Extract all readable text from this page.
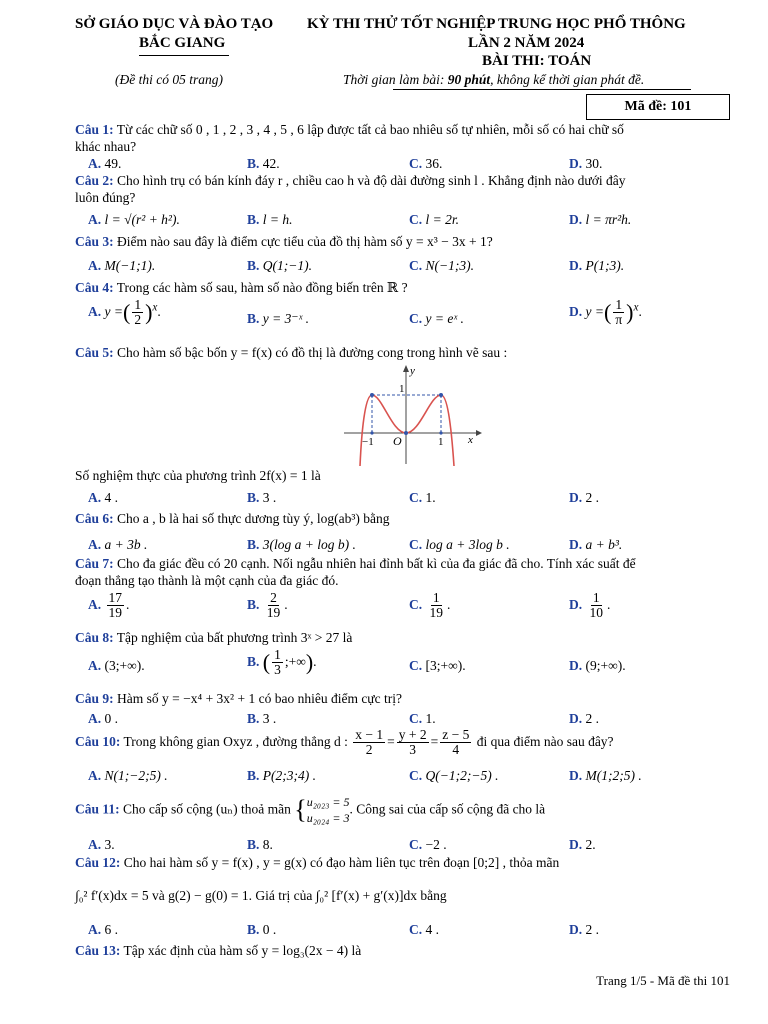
SỞ GIÁO DỤC VÀ ĐÀO TẠO
BẮC GIANG
KỲ THI THỬ TỐT NGHIỆP TRUNG HỌC PHỔ THÔNG
LẦN 2 NĂM 2024
BÀI THI: TOÁN
(Đề thi có 05 trang)	Thời gian làm bài: 90 phút, không kể thời gian phát đề.
Mã đề: 101
Câu 1: Từ các chữ số 0 , 1 , 2 , 3 , 4 , 5 , 6 lập được tất cả bao nhiêu số tự nhiên, mỗi số có hai chữ số
khác nhau?
A. 49.	B. 42.	C. 36.	D. 30.
Câu 2: Cho hình trụ có bán kính đáy r , chiều cao h và độ dài đường sinh l . Khẳng định nào dưới đây
luôn đúng?
A. l = √(r² + h²).	B. l = h.	C. l = 2r.	D. l = πr²h.
Câu 3: Điểm nào sau đây là điểm cực tiểu của đồ thị hàm số y = x³ − 3x + 1?
A. M(−1;1).	B. Q(1;−1).	C. N(−1;3).	D. P(1;3).
Câu 4: Trong các hàm số sau, hàm số nào đồng biến trên ℝ ?
A. y =( $\frac{1}{2} )^x$.	B. y = 3⁻ˣ .	C. y = eˣ .	D. y =( $\frac{1}{\pi} )^x$.
Câu 5: Cho hàm số bậc bốn y = f(x) có đồ thị là đường cong trong hình vẽ sau :
y
x
O
1
−1	1
Số nghiệm thực của phương trình 2f(x) = 1 là
A. 4 .	B. 3 .	C. 1.	D. 2 .
Câu 6: Cho a , b là hai số thực dương tùy ý, log(ab³) bằng
A. a + 3b .	B. 3(log a + log b) .	C. log a + 3log b .	D. a + b³.
Câu 7: Cho đa giác đều có 20 cạnh. Nối ngẫu nhiên hai đỉnh bất kì của đa giác đã cho. Tính xác suất để
đoạn thẳng tạo thành là một cạnh của đa giác đó.
A. $\frac{17}{19}$ .	B. $\frac{2}{19}$ .	C. $\frac{1}{19}$ .	D. $\frac{1}{10}$ .
Câu 8: Tập nghiệm của bất phương trình 3ˣ > 27 là
A. (3;+∞).	B. ( $\frac{1}{3}$ ;+∞).	C. [3;+∞).	D. (9;+∞).
Câu 9: Hàm số y = −x⁴ + 3x² + 1 có bao nhiêu điểm cực trị?
A. 0 .	B. 3 .	C. 1.	D. 2 .
Câu 10: Trong không gian Oxyz , đường thẳng d : $\frac{x - 1}{2} = \frac{y + 2}{3} = \frac{z - 5}{4}$ đi qua điểm nào sau đây?
A. N(1;−2;5) .	B. P(2;3;4) .	C. Q(−1;2;−5) .	D. M(1;2;5) .
Câu 11: Cho cấp số cộng (uₙ) thoả mãn { u₂₀₂₃ = 5
u₂₀₂₄ = 3
. Công sai của cấp số cộng đã cho là
A. 3.	B. 8.	C. −2 .	D. 2.
Câu 12: Cho hai hàm số y = f(x) , y = g(x) có đạo hàm liên tục trên đoạn [0;2] , thỏa mãn
∫₀² f′(x)dx = 5 và g(2) − g(0) = 1. Giá trị của ∫₀² [f′(x) + g′(x)]dx bằng
A. 6 .	B. 0 .	C. 4 .	D. 2 .
Câu 13: Tập xác định của hàm số y = log₃(2x − 4) là
Trang 1/5 - Mã đề thi 101
